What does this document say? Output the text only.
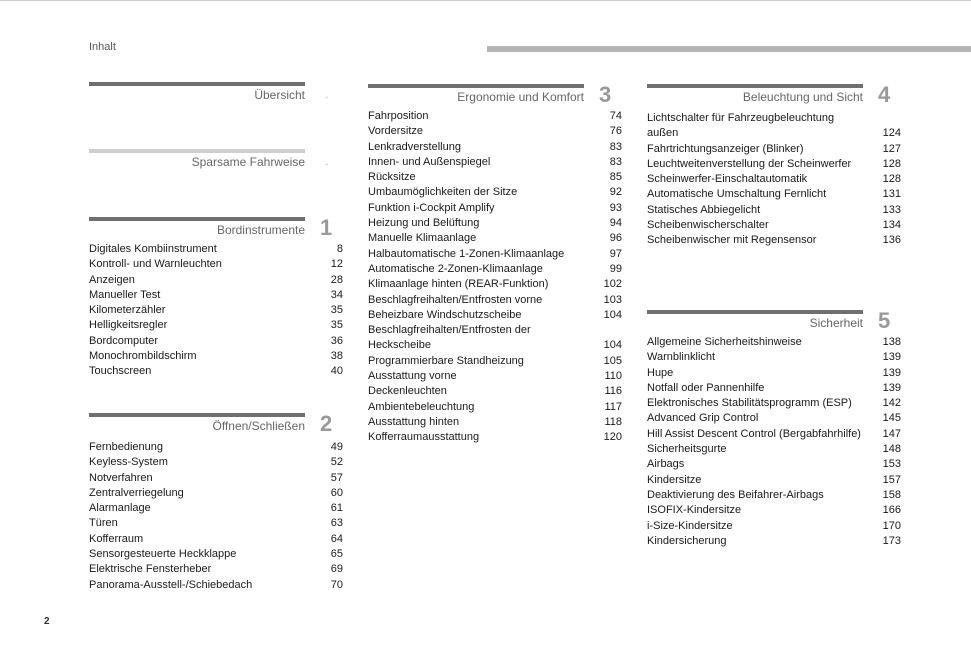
Inhalt
Übersicht .
Sparsame Fahrweise .
Bordinstrumente 1
Digitales Kombiinstrument	8
Kontroll- und Warnleuchten	12
Anzeigen	28
Manueller Test	34
Kilometerzähler	35
Helligkeitsregler	35
Bordcomputer	36
Monochrombildschirm	38
Touchscreen	40
Öffnen/Schließen 2
Fernbedienung	49
Keyless-System	52
Notverfahren	57
Zentralverriegelung	60
Alarmanlage	61
Türen	63
Kofferraum	64
Sensorgesteuerte Heckklappe	65
Elektrische Fensterheber	69
Panorama-Ausstell-/Schiebedach	70
Ergonomie und Komfort 3
Fahrposition	74
Vordersitze	76
Lenkradverstellung	83
Innen- und Außenspiegel	83
Rücksitze	85
Umbaumöglichkeiten der Sitze	92
Funktion i-Cockpit Amplify	93
Heizung und Belüftung	94
Manuelle Klimaanlage	96
Halbautomatische 1-Zonen-Klimaanlage	97
Automatische 2-Zonen-Klimaanlage	99
Klimaanlage hinten (REAR-Funktion)	102
Beschlagfreihalten/Entfrosten vorne	103
Beheizbare Windschutzscheibe	104
Beschlagfreihalten/Entfrosten der Heckscheibe	104
Programmierbare Standheizung	105
Ausstattung vorne	110
Deckenleuchten	116
Ambientebeleuchtung	117
Ausstattung hinten	118
Kofferraumausstattung	120
Beleuchtung und Sicht 4
Lichtschalter für Fahrzeugbeleuchtung außen	124
Fahrtrichtungsanzeiger (Blinker)	127
Leuchtweitenverstellung der Scheinwerfer	128
Scheinwerfer-Einschaltautomatik	128
Automatische Umschaltung Fernlicht	131
Statisches Abbiegelicht	133
Scheibenwischerschalter	134
Scheibenwischer mit Regensensor	136
Sicherheit 5
Allgemeine Sicherheitshinweise	138
Warnblinklicht	139
Hupe	139
Notfall oder Pannenhilfe	139
Elektronisches Stabilitätsprogramm (ESP)	142
Advanced Grip Control	145
Hill Assist Descent Control (Bergabfahrhilfe)	147
Sicherheitsgurte	148
Airbags	153
Kindersitze	157
Deaktivierung des Beifahrer-Airbags	158
ISOFIX-Kindersitze	166
i-Size-Kindersitze	170
Kindersicherung	173
2
